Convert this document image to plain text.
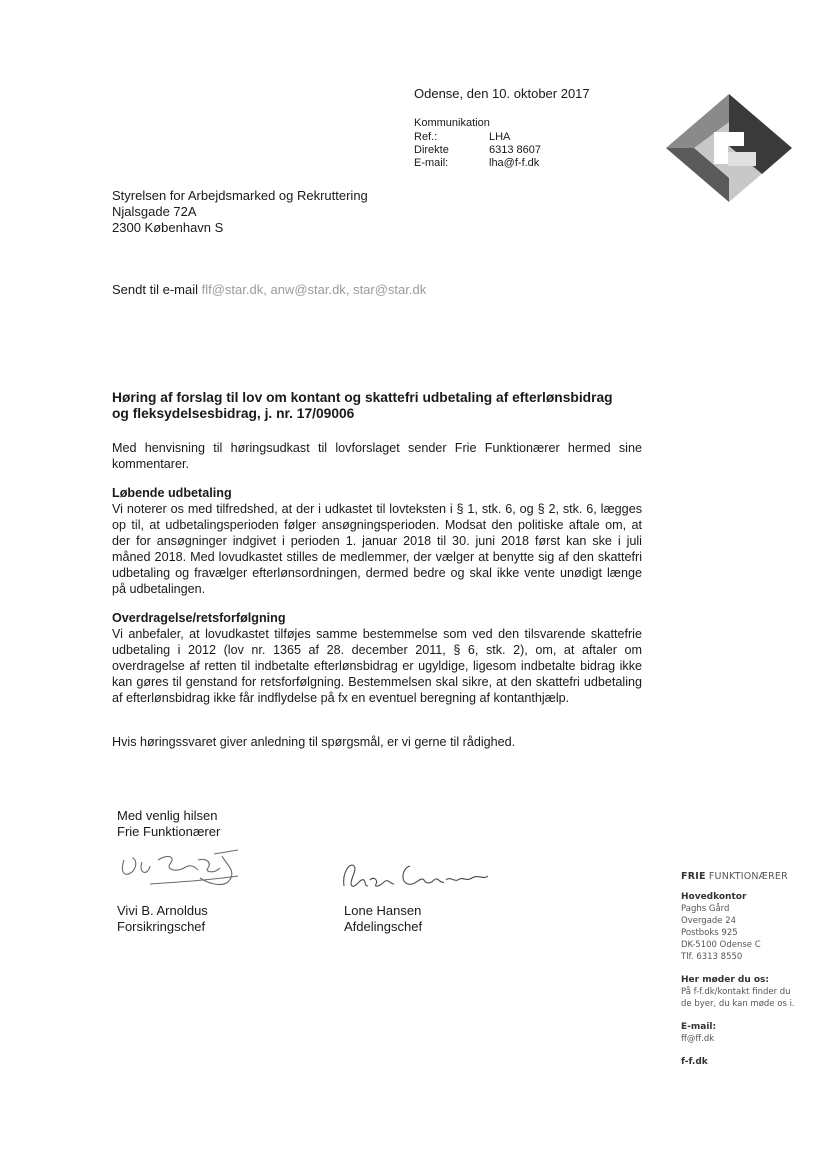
Odense, den 10. oktober 2017
Kommunikation
Ref.:	LHA
Direkte	6313 8607
E-mail:	lha@f-f.dk
Styrelsen for Arbejdsmarked og Rekruttering
Njalsgade 72A
2300 København S
Sendt til e-mail flf@star.dk, anw@star.dk, star@star.dk
Høring af forslag til lov om kontant og skattefri udbetaling af efterlønsbidrag
og fleksydelsesbidrag, j. nr. 17/09006
Med henvisning til høringsudkast til lovforslaget sender Frie Funktionærer hermed sine kommentarer.
Løbende udbetaling
Vi noterer os med tilfredshed, at der i udkastet til lovteksten i § 1, stk. 6, og § 2, stk. 6, lægges op til, at udbetalingsperioden følger ansøgningsperioden. Modsat den politiske aftale om, at der for ansøgninger indgivet i perioden 1. januar 2018 til 30. juni 2018 først kan ske i juli måned 2018. Med lovudkastet stilles de medlemmer, der vælger at benytte sig af den skattefri udbetaling og fravælger efterlønsordningen, dermed bedre og skal ikke vente unødigt længe på udbetalingen.
Overdragelse/retsforfølgning
Vi anbefaler, at lovudkastet tilføjes samme bestemmelse som ved den tilsvarende skattefrie udbetaling i 2012 (lov nr. 1365 af 28. december 2011, § 6, stk. 2), om, at aftaler om overdragelse af retten til indbetalte efterlønsbidrag er ugyldige, ligesom indbetalte bidrag ikke kan gøres til genstand for retsforfølgning. Bestemmelsen skal sikre, at den skattefri udbetaling af efterlønsbidrag ikke får indflydelse på fx en eventuel beregning af kontanthjælp.
Hvis høringssvaret giver anledning til spørgsmål, er vi gerne til rådighed.
Med venlig hilsen
Frie Funktionærer
Vivi B. Arnoldus
Forsikringschef
Lone Hansen
Afdelingschef
FRIE FUNKTIONÆRER
Hovedkontor
Paghs Gård
Overgade 24
Postboks 925
DK-5100 Odense C
Tlf. 6313 8550
Her møder du os:
På f-f.dk/kontakt finder du
de byer, du kan møde os i.
E-mail:
ff@ff.dk
f-f.dk
